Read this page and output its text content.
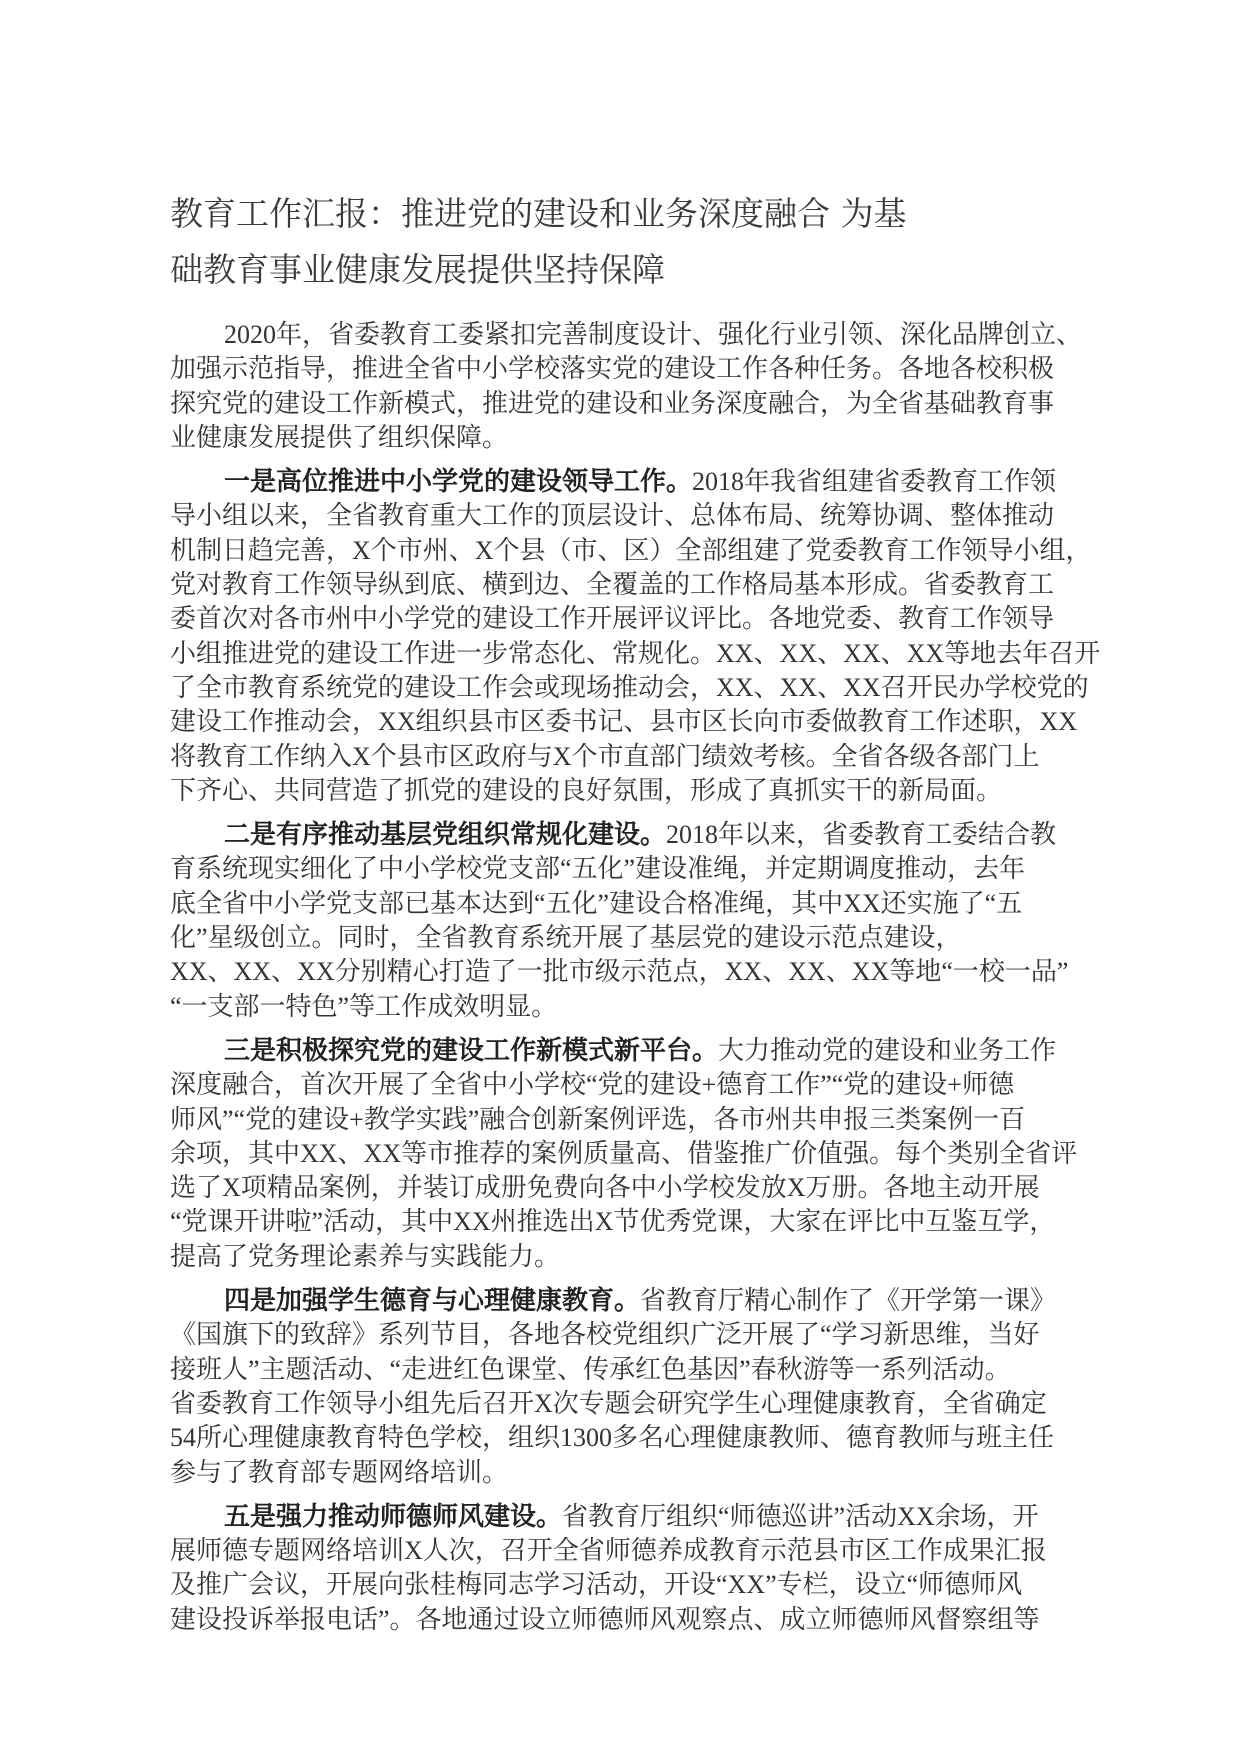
教育工作汇报：推进党的建设和业务深度融合 为基
础教育事业健康发展提供坚持保障
2020年，省委教育工委紧扣完善制度设计、强化行业引领、深化品牌创立、
加强示范指导，推进全省中小学校落实党的建设工作各种任务。各地各校积极
探究党的建设工作新模式，推进党的建设和业务深度融合，为全省基础教育事
业健康发展提供了组织保障。
一是高位推进中小学党的建设领导工作。2018年我省组建省委教育工作领
导小组以来，全省教育重大工作的顶层设计、总体布局、统筹协调、整体推动
机制日趋完善，X个市州、X个县（市、区）全部组建了党委教育工作领导小组，
党对教育工作领导纵到底、横到边、全覆盖的工作格局基本形成。省委教育工
委首次对各市州中小学党的建设工作开展评议评比。各地党委、教育工作领导
小组推进党的建设工作进一步常态化、常规化。XX、XX、XX、XX等地去年召开
了全市教育系统党的建设工作会或现场推动会，XX、XX、XX召开民办学校党的
建设工作推动会，XX组织县市区委书记、县市区长向市委做教育工作述职，XX
将教育工作纳入X个县市区政府与X个市直部门绩效考核。全省各级各部门上
下齐心、共同营造了抓党的建设的良好氛围，形成了真抓实干的新局面。
二是有序推动基层党组织常规化建设。2018年以来，省委教育工委结合教
育系统现实细化了中小学校党支部“五化”建设准绳，并定期调度推动，去年
底全省中小学党支部已基本达到“五化”建设合格准绳，其中XX还实施了“五
化”星级创立。同时，全省教育系统开展了基层党的建设示范点建设，
XX、XX、XX分别精心打造了一批市级示范点，XX、XX、XX等地“一校一品”
“一支部一特色”等工作成效明显。
三是积极探究党的建设工作新模式新平台。大力推动党的建设和业务工作
深度融合，首次开展了全省中小学校“党的建设+德育工作”“党的建设+师德
师风”“党的建设+教学实践”融合创新案例评选，各市州共申报三类案例一百
余项，其中XX、XX等市推荐的案例质量高、借鉴推广价值强。每个类别全省评
选了X项精品案例，并装订成册免费向各中小学校发放X万册。各地主动开展
“党课开讲啦”活动，其中XX州推选出X节优秀党课，大家在评比中互鉴互学，
提高了党务理论素养与实践能力。
四是加强学生德育与心理健康教育。省教育厅精心制作了《开学第一课》
《国旗下的致辞》系列节目，各地各校党组织广泛开展了“学习新思维，当好
接班人”主题活动、“走进红色课堂、传承红色基因”春秋游等一系列活动。
省委教育工作领导小组先后召开X次专题会研究学生心理健康教育，全省确定
54所心理健康教育特色学校，组织1300多名心理健康教师、德育教师与班主任
参与了教育部专题网络培训。
五是强力推动师德师风建设。省教育厅组织“师德巡讲”活动XX余场，开
展师德专题网络培训X人次，召开全省师德养成教育示范县市区工作成果汇报
及推广会议，开展向张桂梅同志学习活动，开设“XX”专栏，设立“师德师风
建设投诉举报电话”。各地通过设立师德师风观察点、成立师德师风督察组等
